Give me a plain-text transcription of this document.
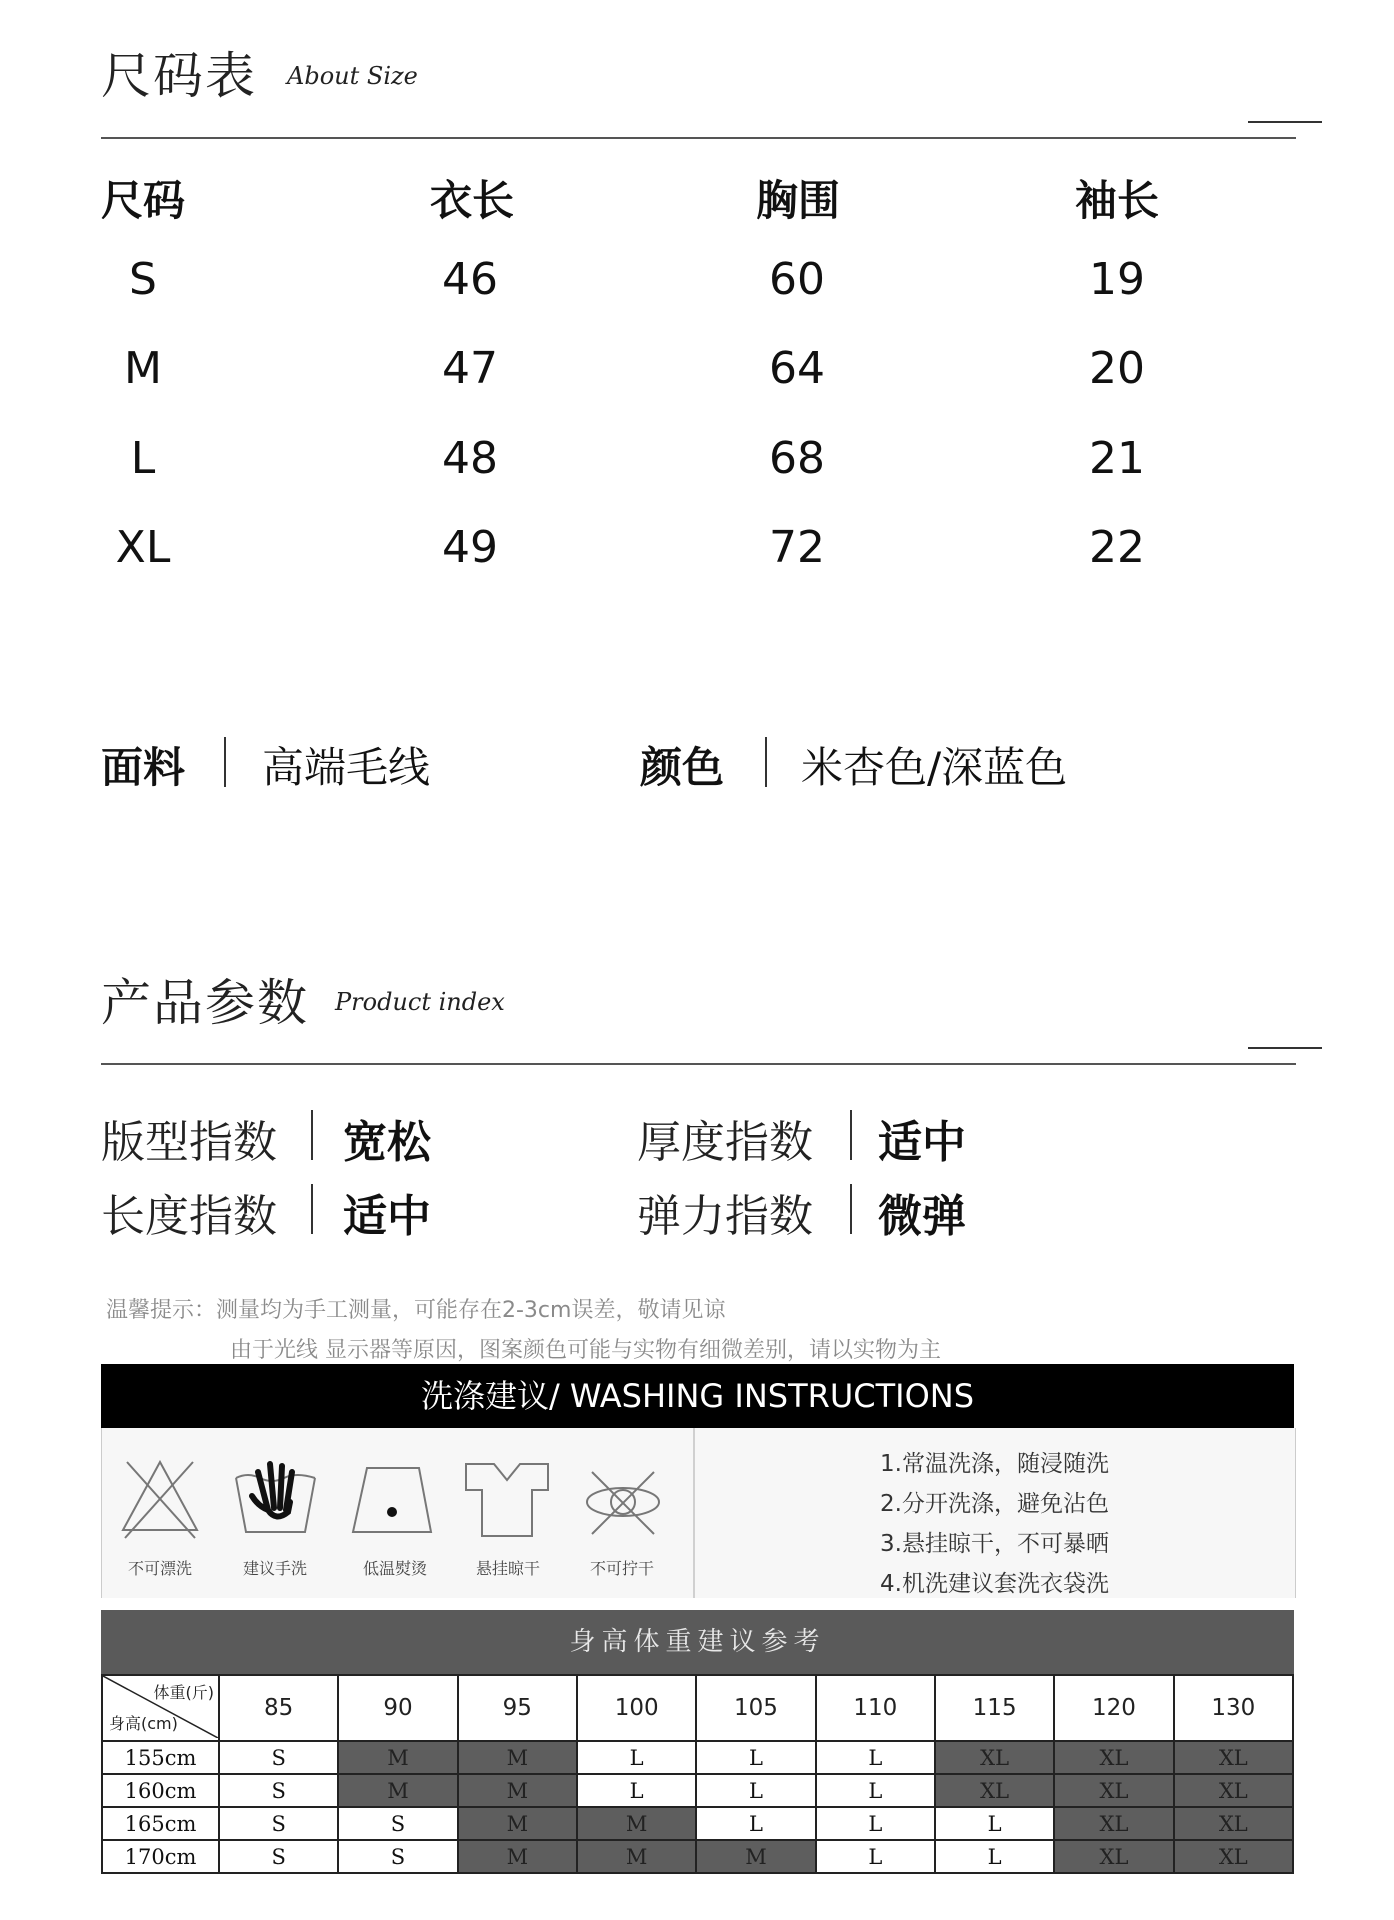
尺码表 About Size
尺码	衣长	胸围	袖长
S	46	60	19
M	47	64	20
L	48	68	21
XL	49	72	22
面料 高端毛线	颜色 米杏色/深蓝色
产品参数 Product index
版型指数 宽松	厚度指数 适中
长度指数 适中	弹力指数 微弹
温馨提示：测量均为手工测量，可能存在2-3cm误差，敬请见谅
由于光线 显示器等原因，图案颜色可能与实物有细微差别，请以实物为主
洗涤建议/ WASHING INSTRUCTIONS
不可漂洗	建议手洗	低温熨烫	悬挂晾干	不可拧干
1.常温洗涤，随浸随洗
2.分开洗涤，避免沾色
3.悬挂晾干，不可暴晒
4.机洗建议套洗衣袋洗
身高体重建议参考
体重(斤)
身高(cm)	85	90	95	100	105	110	115	120	130
155cm	S	M	M	L	L	L	XL	XL	XL
160cm	S	M	M	L	L	L	XL	XL	XL
165cm	S	S	M	M	L	L	L	XL	XL
170cm	S	S	M	M	M	L	L	XL	XL
